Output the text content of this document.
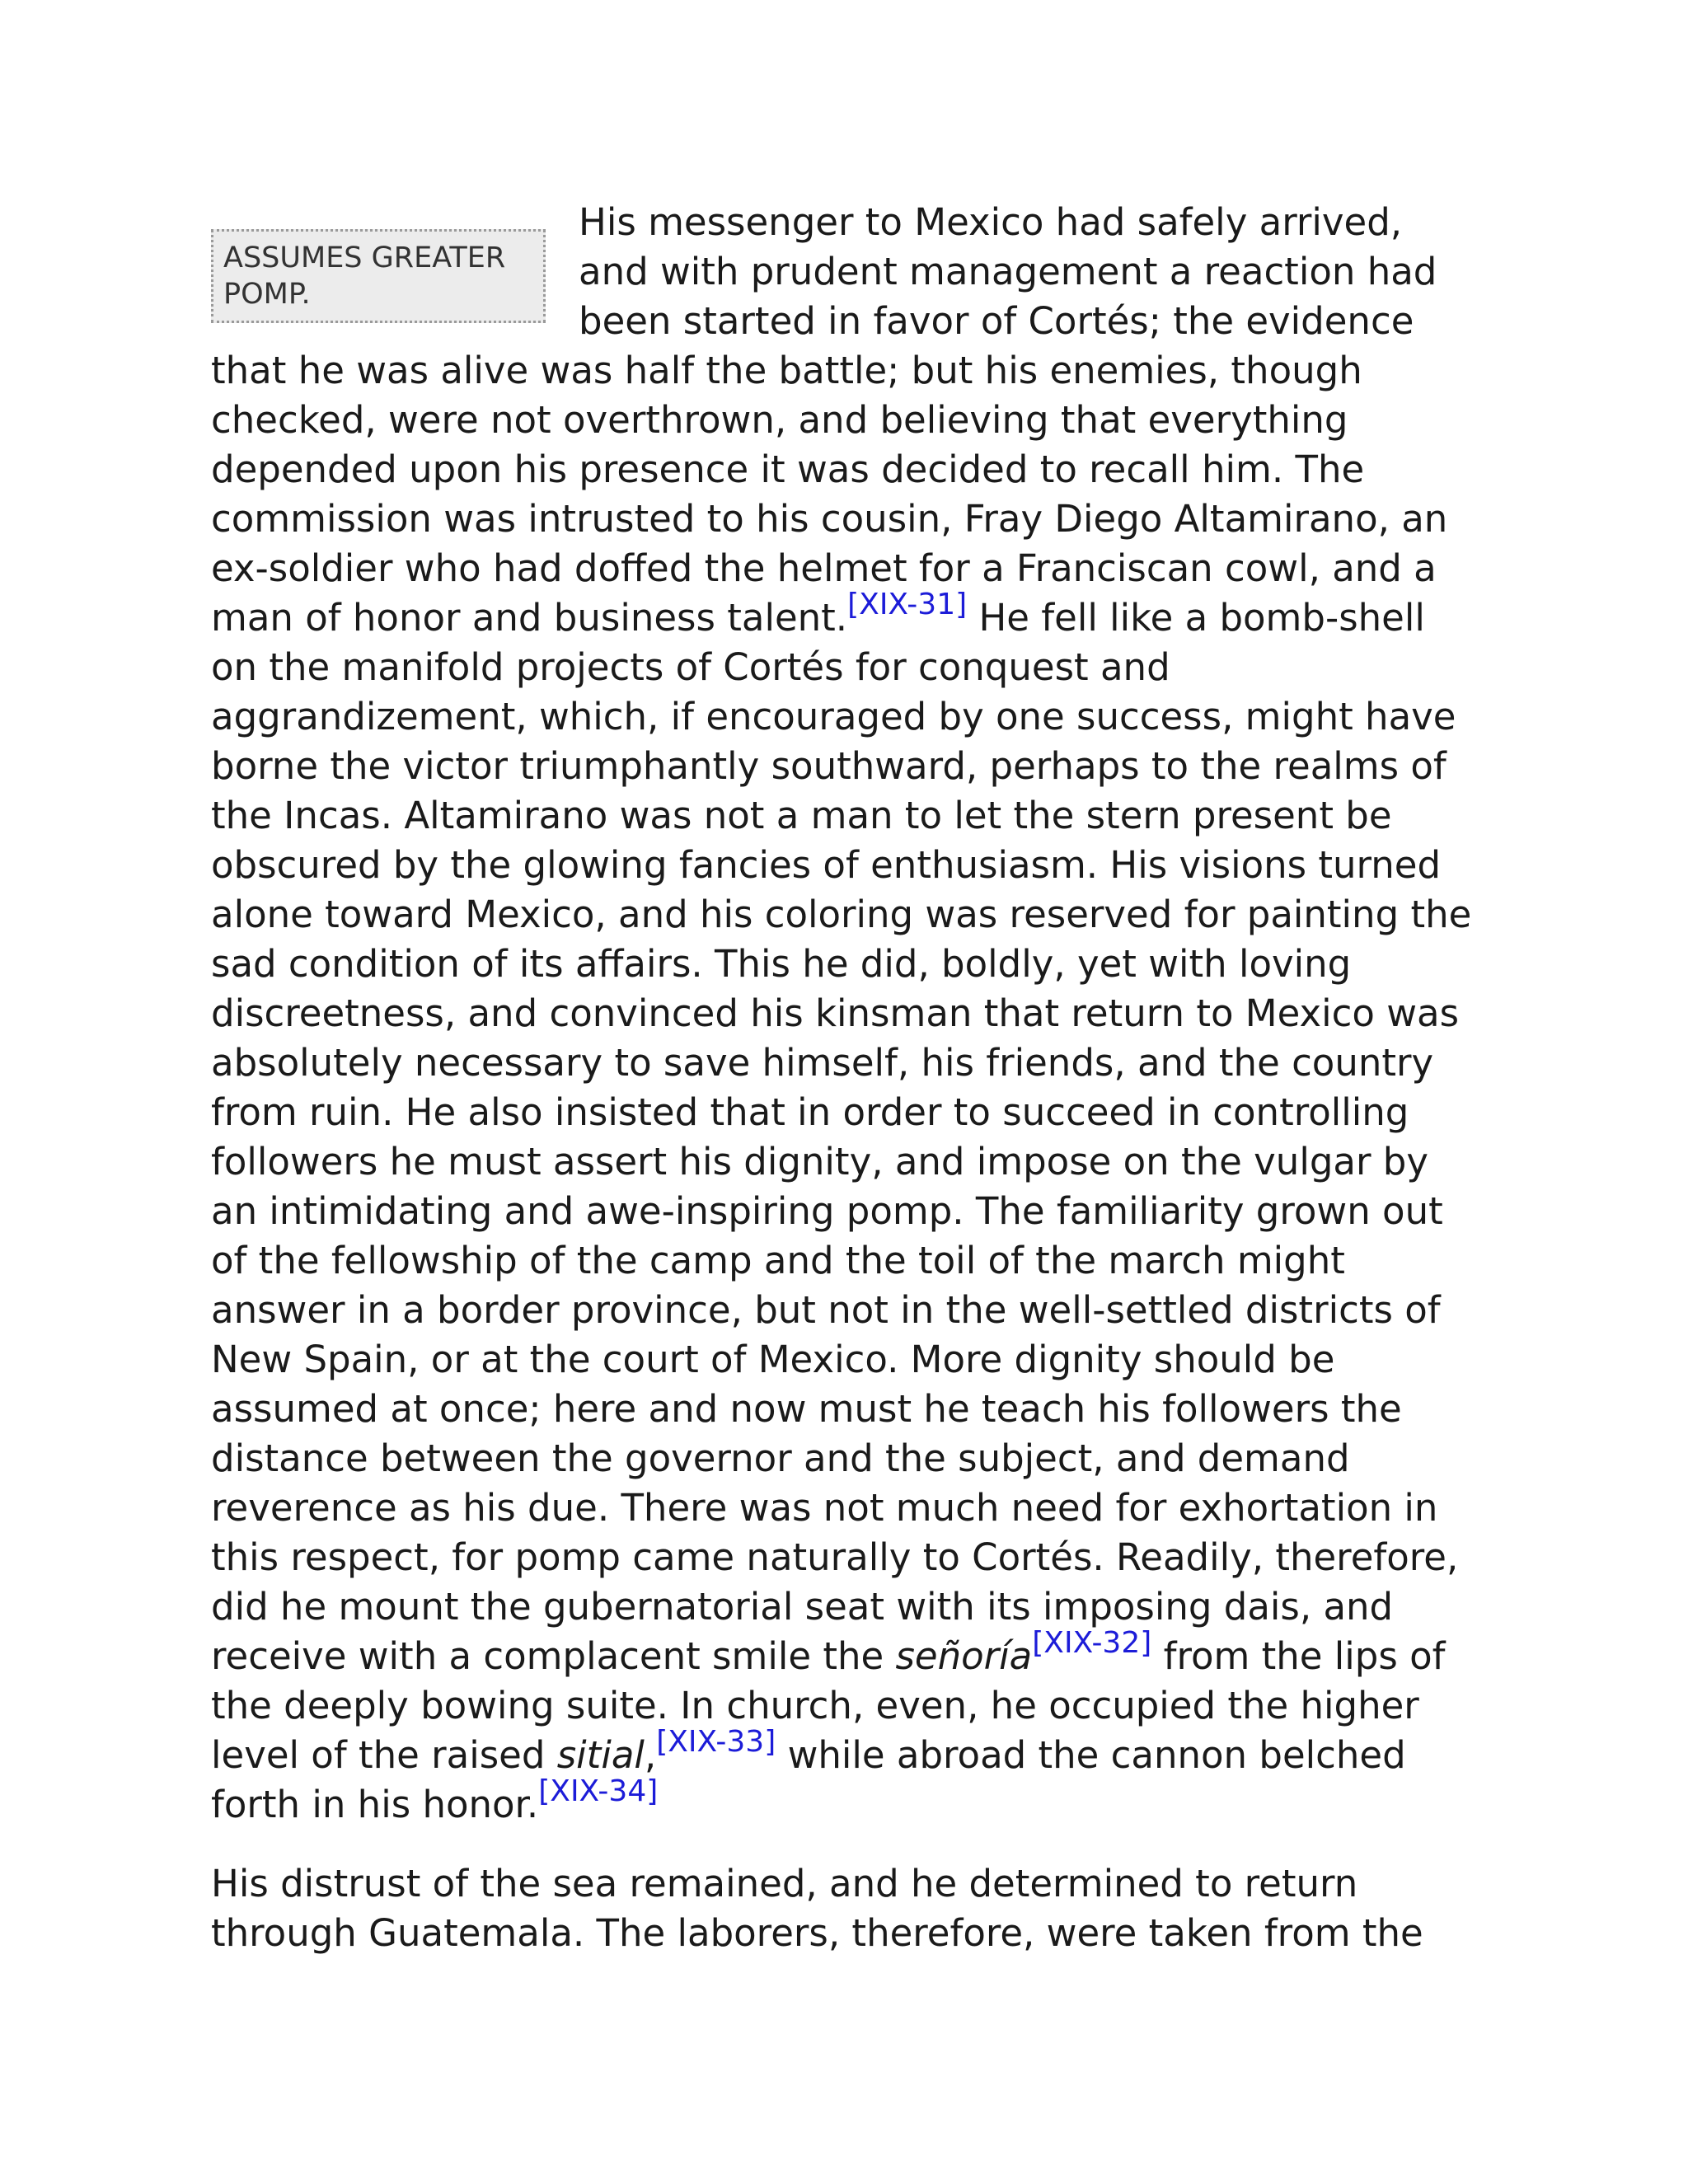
ASSUMES GREATER POMP.

His messenger to Mexico had safely arrived, and with prudent management a reaction had been started in favor of Cortés; the evidence that he was alive was half the battle; but his enemies, though checked, were not overthrown, and believing that everything depended upon his presence it was decided to recall him. The commission was intrusted to his cousin, Fray Diego Altamirano, an ex-soldier who had doffed the helmet for a Franciscan cowl, and a man of honor and business talent.[XIX-31] He fell like a bomb-shell on the manifold projects of Cortés for conquest and aggrandizement, which, if encouraged by one success, might have borne the victor triumphantly southward, perhaps to the realms of the Incas. Altamirano was not a man to let the stern present be obscured by the glowing fancies of enthusiasm. His visions turned alone toward Mexico, and his coloring was reserved for painting the sad condition of its affairs. This he did, boldly, yet with loving discreetness, and convinced his kinsman that return to Mexico was absolutely necessary to save himself, his friends, and the country from ruin. He also insisted that in order to succeed in controlling followers he must assert his dignity, and impose on the vulgar by an intimidating and awe-inspiring pomp. The familiarity grown out of the fellowship of the camp and the toil of the march might answer in a border province, but not in the well-settled districts of New Spain, or at the court of Mexico. More dignity should be assumed at once; here and now must he teach his followers the distance between the governor and the subject, and demand reverence as his due. There was not much need for exhortation in this respect, for pomp came naturally to Cortés. Readily, therefore, did he mount the gubernatorial seat with its imposing dais, and receive with a complacent smile the señoría[XIX-32] from the lips of the deeply bowing suite. In church, even, he occupied the higher level of the raised sitial,[XIX-33] while abroad the cannon belched forth in his honor.[XIX-34]

His distrust of the sea remained, and he determined to return through Guatemala. The laborers, therefore, were taken from the
